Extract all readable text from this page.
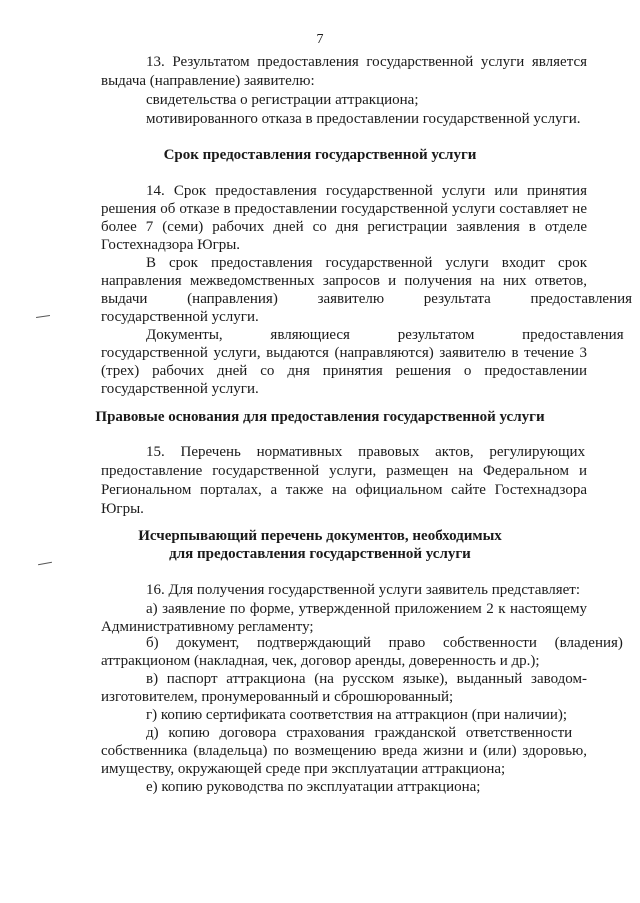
7
13. Результатом предоставления государственной услуги является
выдача (направление) заявителю:
свидетельства о регистрации аттракциона;
мотивированного отказа в предоставлении государственной услуги.
Срок предоставления государственной услуги
14. Срок предоставления государственной услуги или принятия
решения об отказе в предоставлении государственной услуги составляет не
более 7 (семи) рабочих дней со дня регистрации заявления в отделе
Гостехнадзора Югры.
В срок предоставления государственной услуги входит срок
направления межведомственных запросов и получения на них ответов,
выдачи (направления) заявителю результата предоставления
государственной услуги.
Документы, являющиеся результатом предоставления
государственной услуги, выдаются (направляются) заявителю в течение 3
(трех) рабочих дней со дня принятия решения о предоставлении
государственной услуги.
Правовые основания для предоставления государственной услуги
15. Перечень нормативных правовых актов, регулирующих
предоставление государственной услуги, размещен на Федеральном и
Региональном порталах, а также на официальном сайте Гостехнадзора
Югры.
Исчерпывающий перечень документов, необходимых
для предоставления государственной услуги
16. Для получения государственной услуги заявитель представляет:
а) заявление по форме, утвержденной приложением 2 к настоящему
Административному регламенту;
б) документ, подтверждающий право собственности (владения)
аттракционом (накладная, чек, договор аренды, доверенность и др.);
в) паспорт аттракциона (на русском языке), выданный заводом-
изготовителем, пронумерованный и сброшюрованный;
г) копию сертификата соответствия на аттракцион (при наличии);
д) копию договора страхования гражданской ответственности
собственника (владельца) по возмещению вреда жизни и (или) здоровью,
имуществу, окружающей среде при эксплуатации аттракциона;
е) копию руководства по эксплуатации аттракциона;
